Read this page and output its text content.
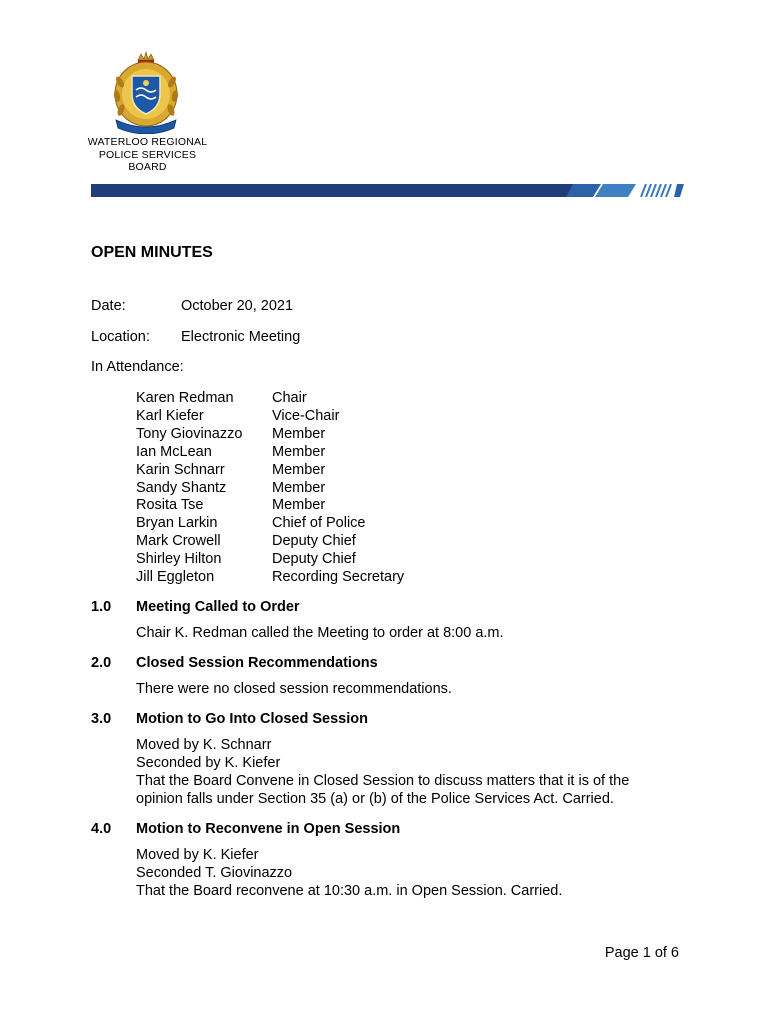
WATERLOO REGIONAL
POLICE SERVICES
BOARD
OPEN MINUTES
Date:	October 20, 2021
Location: Electronic Meeting
In Attendance:
Karen Redman	Chair
Karl Kiefer	Vice-Chair
Tony Giovinazzo	Member
Ian McLean	Member
Karin Schnarr	Member
Sandy Shantz	Member
Rosita Tse	Member
Bryan Larkin	Chief of Police
Mark Crowell	Deputy Chief
Shirley Hilton	Deputy Chief
Jill Eggleton	Recording Secretary
1.0 Meeting Called to Order
Chair K. Redman called the Meeting to order at 8:00 a.m.
2.0 Closed Session Recommendations
There were no closed session recommendations.
3.0 Motion to Go Into Closed Session
Moved by K. Schnarr
Seconded by K. Kiefer
That the Board Convene in Closed Session to discuss matters that it is of the
opinion falls under Section 35 (a) or (b) of the Police Services Act. Carried.
4.0 Motion to Reconvene in Open Session
Moved by K. Kiefer
Seconded T. Giovinazzo
That the Board reconvene at 10:30 a.m. in Open Session. Carried.
Page 1 of 6
